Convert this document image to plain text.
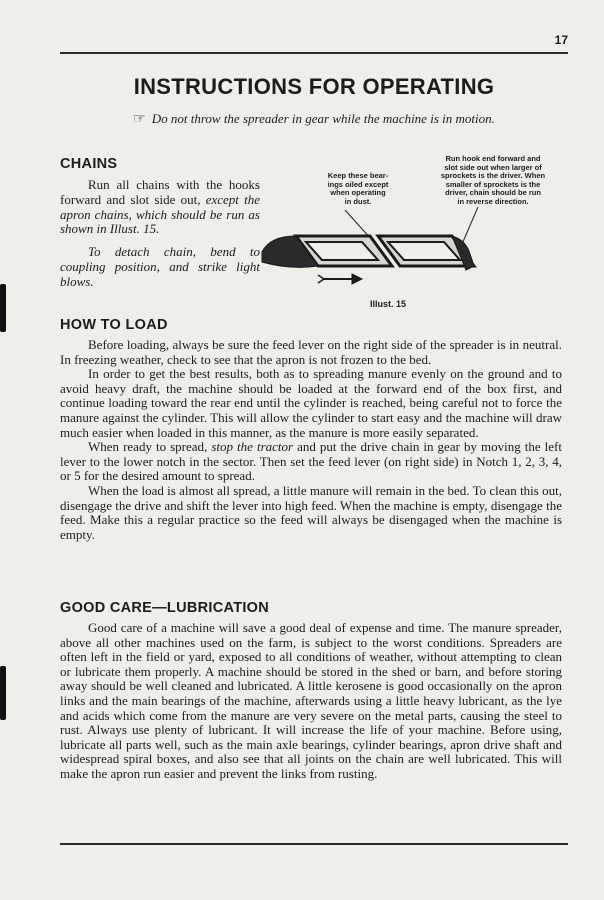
17
INSTRUCTIONS FOR OPERATING
☞ Do not throw the spreader in gear while the machine is in motion.
CHAINS

Run all chains with the hooks forward and slot side out, except the apron chains, which should be run as shown in Illust. 15.

To detach chain, bend to coupling position, and strike light blows.

Keep these bear-
ings oiled except
when operating
in dust.
Run hook end forward and
slot side out when larger of
sprockets is the driver. When
smaller of sprockets is the
driver, chain should be run
in reverse direction.
Illust. 15
HOW TO LOAD

Before loading, always be sure the feed lever on the right side of the spreader is in neutral. In freezing weather, check to see that the apron is not frozen to the bed.

In order to get the best results, both as to spreading manure evenly on the ground and to avoid heavy draft, the machine should be loaded at the forward end of the box first, and continue loading toward the rear end until the cylinder is reached, being careful not to force the manure against the cylinder. This will allow the cylinder to start easy and the machine will draw much easier when loaded in this manner, as the manure is more easily separated.

When ready to spread, stop the tractor and put the drive chain in gear by moving the left lever to the lower notch in the sector. Then set the feed lever (on right side) in Notch 1, 2, 3, 4, or 5 for the desired amount to spread.

When the load is almost all spread, a little manure will remain in the bed. To clean this out, disengage the drive and shift the lever into high feed. When the machine is empty, disengage the feed. Make this a regular practice so the feed will always be disengaged when the machine is empty.

GOOD CARE—LUBRICATION

Good care of a machine will save a good deal of expense and time. The manure spreader, above all other machines used on the farm, is subject to the worst conditions. Spreaders are often left in the field or yard, exposed to all conditions of weather, without attempting to clean or lubricate them properly. A machine should be stored in the shed or barn, and before storing away should be well cleaned and lubricated. A little kerosene is good occasionally on the apron links and the main bearings of the machine, afterwards using a little heavy lubricant, as the lye and acids which come from the manure are very severe on the metal parts, causing the steel to rust. Always use plenty of lubricant. It will increase the life of your machine. Before using, lubricate all parts well, such as the main axle bearings, cylinder bearings, apron drive shaft and widespread spiral boxes, and also see that all joints on the chain are well lubricated. This will make the apron run easier and prevent the links from rusting.
